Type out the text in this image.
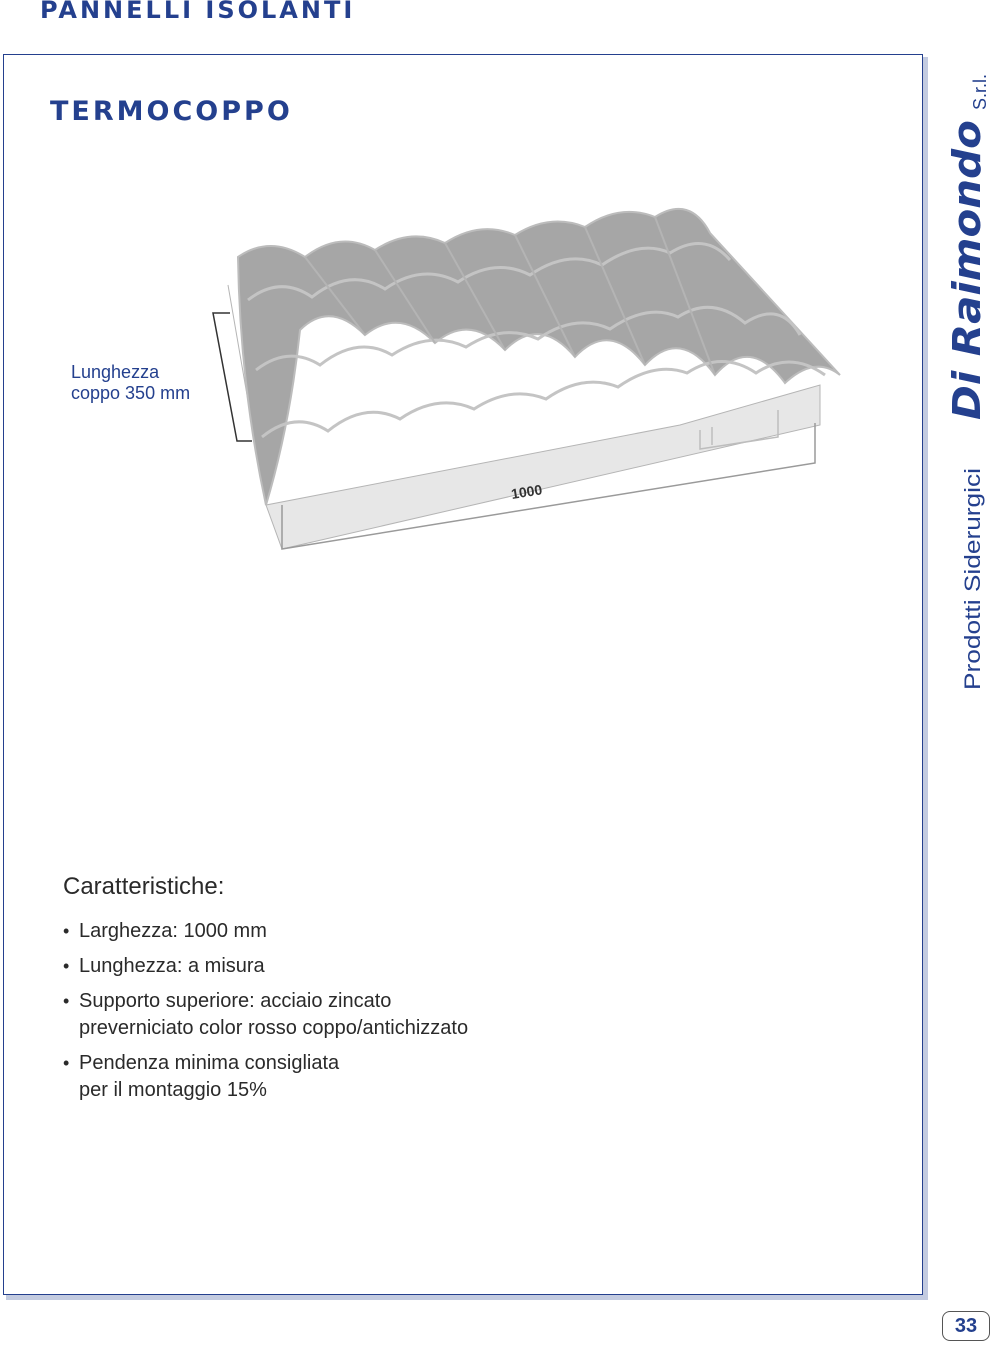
PANNELLI ISOLANTI
TERMOCOPPO
1000
Lunghezza
coppo 350 mm
Caratteristiche:
• Larghezza: 1000 mm
• Lunghezza: a misura
• Supporto superiore: acciaio zincato
preverniciato color rosso coppo/antichizzato
• Pendenza minima consigliata
per il montaggio 15%
Di Raimondo
S.r.l.
Prodotti Siderurgici
33
